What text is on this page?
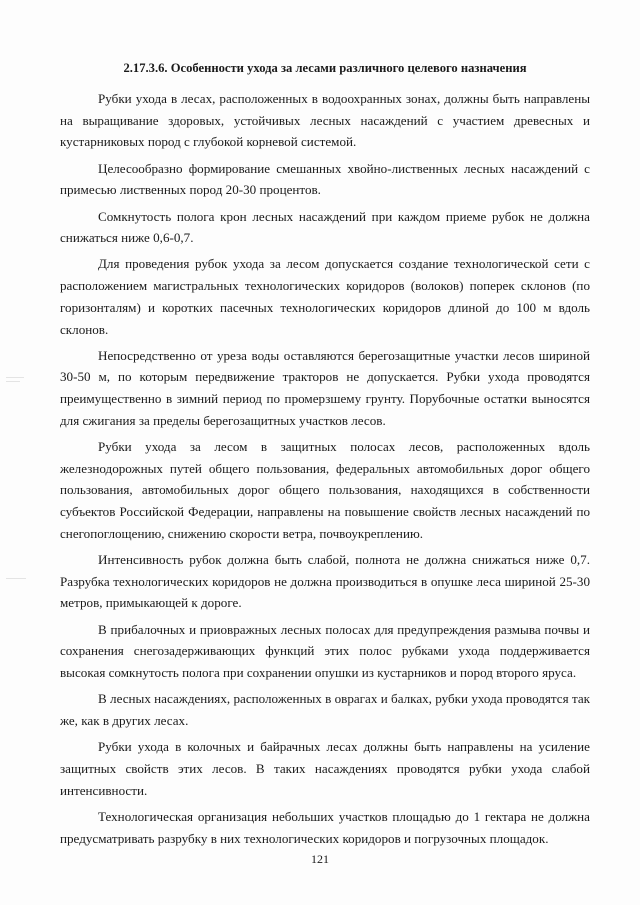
2.17.3.6. Особенности ухода за лесами различного целевого назначения

Рубки ухода в лесах, расположенных в водоохранных зонах, должны быть направлены на выращивание здоровых, устойчивых лесных насаждений с участием древесных и кустарниковых пород с глубокой корневой системой.

Целесообразно формирование смешанных хвойно-лиственных лесных насаждений с примесью лиственных пород 20-30 процентов.

Сомкнутость полога крон лесных насаждений при каждом приеме рубок не должна снижаться ниже 0,6-0,7.

Для проведения рубок ухода за лесом допускается создание технологической сети с расположением магистральных технологических коридоров (волоков) поперек склонов (по горизонталям) и коротких пасечных технологических коридоров длиной до 100 м вдоль склонов.

Непосредственно от уреза воды оставляются берегозащитные участки лесов шириной 30-50 м, по которым передвижение тракторов не допускается. Рубки ухода проводятся преимущественно в зимний период по промерзшему грунту. Порубочные остатки выносятся для сжигания за пределы берегозащитных участков лесов.

Рубки ухода за лесом в защитных полосах лесов, расположенных вдоль железнодорожных путей общего пользования, федеральных автомобильных дорог общего пользования, автомобильных дорог общего пользования, находящихся в собственности субъектов Российской Федерации, направлены на повышение свойств лесных насаждений по снегопоглощению, снижению скорости ветра, почвоукреплению.

Интенсивность рубок должна быть слабой, полнота не должна снижаться ниже 0,7. Разрубка технологических коридоров не должна производиться в опушке леса шириной 25-30 метров, примыкающей к дороге.

В прибалочных и приовражных лесных полосах для предупреждения размыва почвы и сохранения снегозадерживающих функций этих полос рубками ухода поддерживается высокая сомкнутость полога при сохранении опушки из кустарников и пород второго яруса.

В лесных насаждениях, расположенных в оврагах и балках, рубки ухода проводятся так же, как в других лесах.

Рубки ухода в колочных и байрачных лесах должны быть направлены на усиление защитных свойств этих лесов. В таких насаждениях проводятся рубки ухода слабой интенсивности.

Технологическая организация небольших участков площадью до 1 гектара не должна предусматривать разрубку в них технологических коридоров и погрузочных площадок.

121
